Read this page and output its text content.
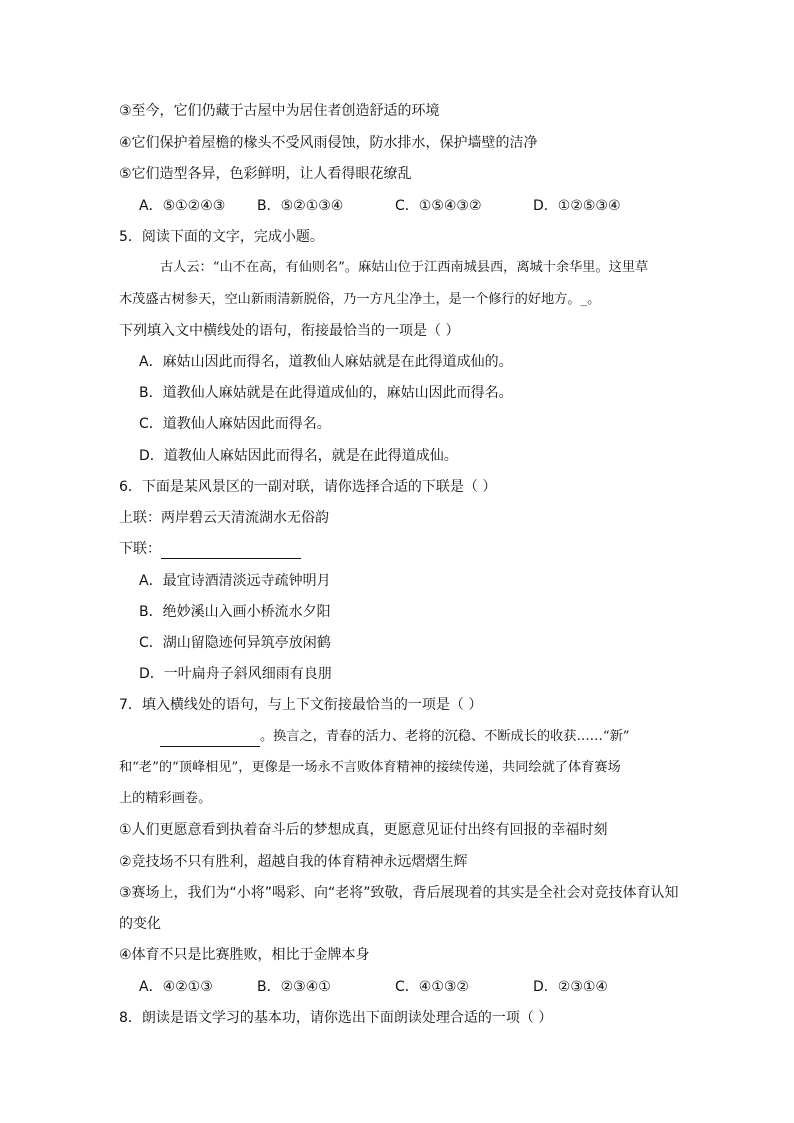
③至今，它们仍藏于古屋中为居住者创造舒适的环境
④它们保护着屋檐的椽头不受风雨侵蚀，防水排水，保护墙壁的洁净
⑤它们造型各异，色彩鲜明，让人看得眼花缭乱
A．⑤①②④③ B．⑤②①③④	C．①⑤④③②	D．①②⑤③④
5．阅读下面的文字，完成小题。
古人云：“山不在高，有仙则名”。麻姑山位于江西南城县西，离城十余华里。这里草
木茂盛古树参天，空山新雨清新脱俗，乃一方凡尘净土，是一个修行的好地方。_。
下列填入文中横线处的语句，衔接最恰当的一项是（ ）
A．麻姑山因此而得名，道教仙人麻姑就是在此得道成仙的。
B．道教仙人麻姑就是在此得道成仙的，麻姑山因此而得名。
C．道教仙人麻姑因此而得名。
D．道教仙人麻姑因此而得名，就是在此得道成仙。
6．下面是某风景区的一副对联，请你选择合适的下联是（ ）
上联：两岸碧云天清流湖水无俗韵
下联：
A．最宜诗酒清淡远寺疏钟明月
B．绝妙溪山入画小桥流水夕阳
C．湖山留隐迹何异筑亭放闲鹤
D．一叶扁舟子斜风细雨有良朋
7．填入横线处的语句，与上下文衔接最恰当的一项是（ ）
。换言之，青春的活力、老将的沉稳、不断成长的收获……“新”
和“老”的“顶峰相见”，更像是一场永不言败体育精神的接续传递，共同绘就了体育赛场
上的精彩画卷。
①人们更愿意看到执着奋斗后的梦想成真，更愿意见证付出终有回报的幸福时刻
②竞技场不只有胜利，超越自我的体育精神永远熠熠生辉
③赛场上，我们为“小将”喝彩、向“老将”致敬，背后展现着的其实是全社会对竞技体育认知
的变化
④体育不只是比赛胜败，相比于金牌本身
A．④②①③	B．②③④①	C．④①③②	D．②③①④
8．朗读是语文学习的基本功，请你选出下面朗读处理合适的一项（ ）
